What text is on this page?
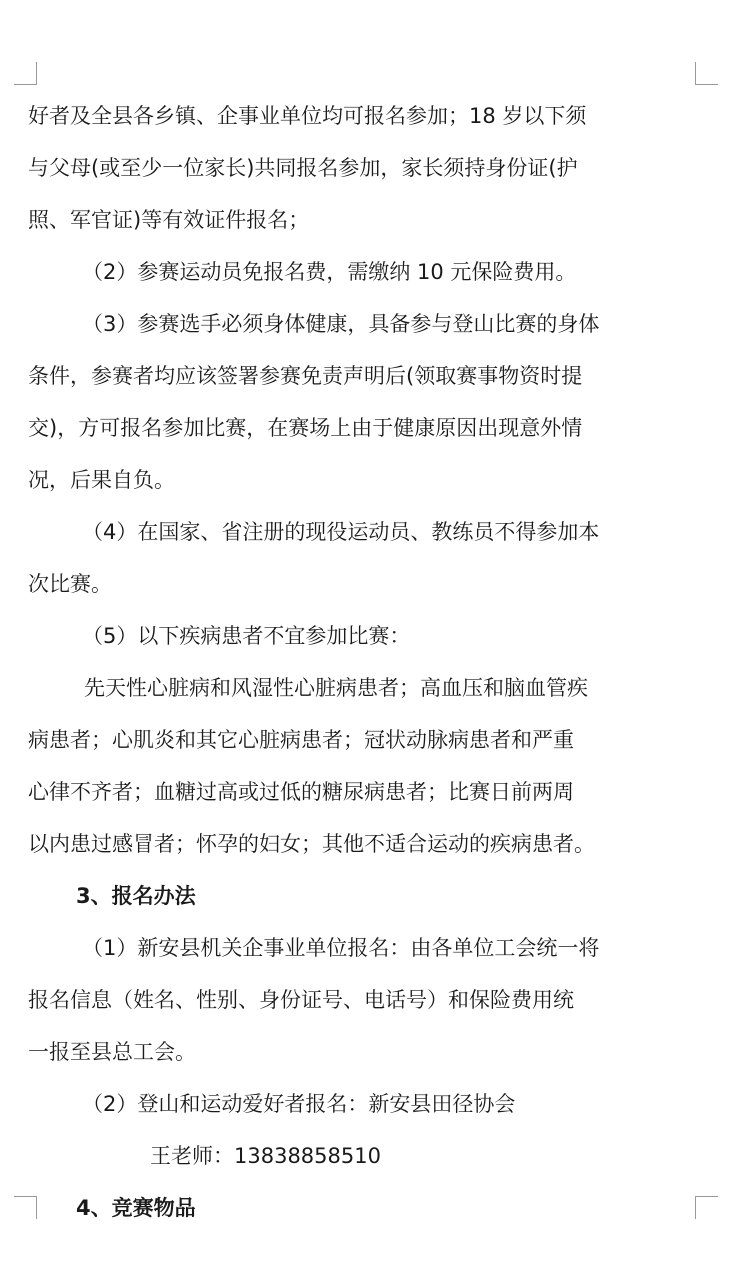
好者及全县各乡镇、企事业单位均可报名参加；18 岁以下须
与父母(或至少一位家长)共同报名参加，家长须持身份证(护
照、军官证)等有效证件报名；
（2）参赛运动员免报名费，需缴纳 10 元保险费用。
（3）参赛选手必须身体健康，具备参与登山比赛的身体
条件，参赛者均应该签署参赛免责声明后(领取赛事物资时提
交)，方可报名参加比赛，在赛场上由于健康原因出现意外情
况，后果自负。
（4）在国家、省注册的现役运动员、教练员不得参加本
次比赛。
（5）以下疾病患者不宜参加比赛：
先天性心脏病和风湿性心脏病患者；高血压和脑血管疾
病患者；心肌炎和其它心脏病患者；冠状动脉病患者和严重
心律不齐者；血糖过高或过低的糖尿病患者；比赛日前两周
以内患过感冒者；怀孕的妇女；其他不适合运动的疾病患者。
3、报名办法
（1）新安县机关企事业单位报名：由各单位工会统一将
报名信息（姓名、性别、身份证号、电话号）和保险费用统
一报至县总工会。
（2）登山和运动爱好者报名：新安县田径协会
王老师：13838858510
4、竞赛物品
